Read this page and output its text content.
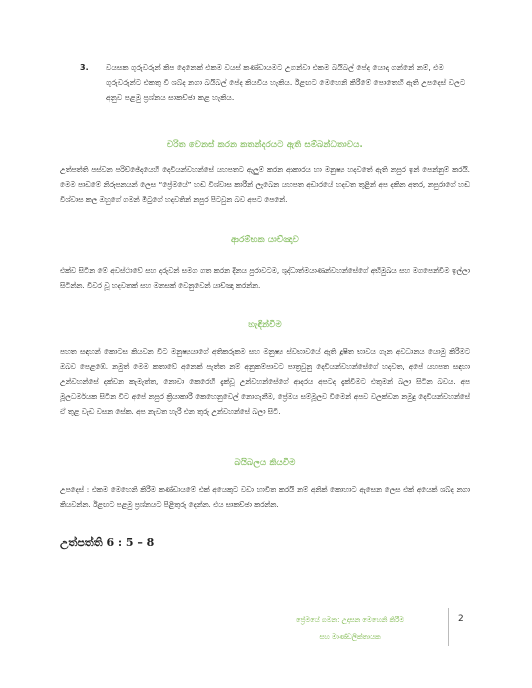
3.	වයසක ගුරුවරුන් කිප දෙනෙක් එකම වයස් කණ්ඩායමට උගන්වා එකම බයිබල් පේද යොදා ගන්නේ නම්, එම ගුරුවරුන්ට එකතු වී ශබ්ද නගා බයිබල් පේද කියවිය හැකිය. ඊළඟට මෙහෙනි කිරීමේ පොතෙහි ඇති උපදෙස් වලට අනුව පළමු ප්‍රශ්නය සාකච්ඡා කළ හැකිය.
චරිත වෙනස් කරන කතන්දරයට ඇති සම්බන්ධතාවය.
උත්පත්ති පස්වන පරිච්ඡේදයෙහි දෙවියන්වහන්සේ යහපතට ඇලුම් කරන ආකාරය හා මනුෂ්‍ය හදවතේ ඇති නපුර ඉන් පෙන්නුම් කරයි. මෙම පාඩමේ නිරූපනයන් ලෙස “ප්‍රේමයේ” හඬ විශ්වාස කාරීන් ලැබෙන යහපත අඩාරයේ හදවත තුළින් අප දකින අතර, නපුරාගේ හඬ විශ්වාස කල ඔහුගේ ගමන් මිටුගේ හදවතින් නපුර පිටවුන බව අපට පෙනේ.
ආරම්භක යාච්ඤාව
එක්ව සිටින මේ අවස්ථාවේ සහ දරුවන් සමග ගත කරන දිනය පුරාවටම, ශුද්ධාත්මයාණන්වහන්සේගේ අභිමුඛය සහ මගපෙන්වීම ඉල්ලා සිටින්න. විවර වූ හදවතක් සහ මනසක් වෙනුවෙන් යාච්ඤා කරන්න.
හැඳින්වීම
පහත සඳහන් කොටස කියවන විට මනුෂ්‍යයාගේ අතිකරුකම සහ මනුෂ්‍ය ස්වභාවයේ ඇති දූෂිත භාවය ගැන අවධානය යොමු කිරීමට ඔබව පෙළඹේ. නමුත් මෙම කතාවේ අනෙක් පැත්ත නම් අනුකම්පාවට පාත්‍රවුනු දෙවියන්වහන්සේගේ හදවත, අපේ යහපත සඳහා උන්වහන්සේ දක්වන කැමැත්ත, නොවා කෙරෙහි දැක්වූ උන්වහන්සේගේ ආදරය අපටද දැක්වීමට එතුමන් බලා සිටින බවය. අප මූලධර්මයක සිටින විට අපේ නපුර ක්‍රියාකාරී කෙහෙනුවෙල් නොගැනීම, ප්‍රේමය සම්මූලව විමෙන් අපව වලක්වන නමුදු දෙවියන්වහන්සේ ඒ තුළ වැඩ වසන සේක. අප නැවත හැරී එන තුරු උන්වහන්සේ බලා සිටී.
බයිබලය කියවීම
උපදෙස් : එකම මෙහෙනි කිරීම කණ්ඩායමේ එක් අයෙකුට වඩා හාවිත කරයි නම් අනික් කොහාට ඇසෙන ලෙස එක් අයෙක් ශබ්ද නගා කියවන්න. ඊළඟට පළමු ප්‍රශ්නයට පිළිතුරු දෙන්න. එය සාකච්ඡා කරන්න.
උත්පත්ති 6 : 5 – 8
ප්‍රේමයේ ගමන: උදාසන මෙහෙනි කිරීම
සහ මාණ්ඩලික්තායක
2
